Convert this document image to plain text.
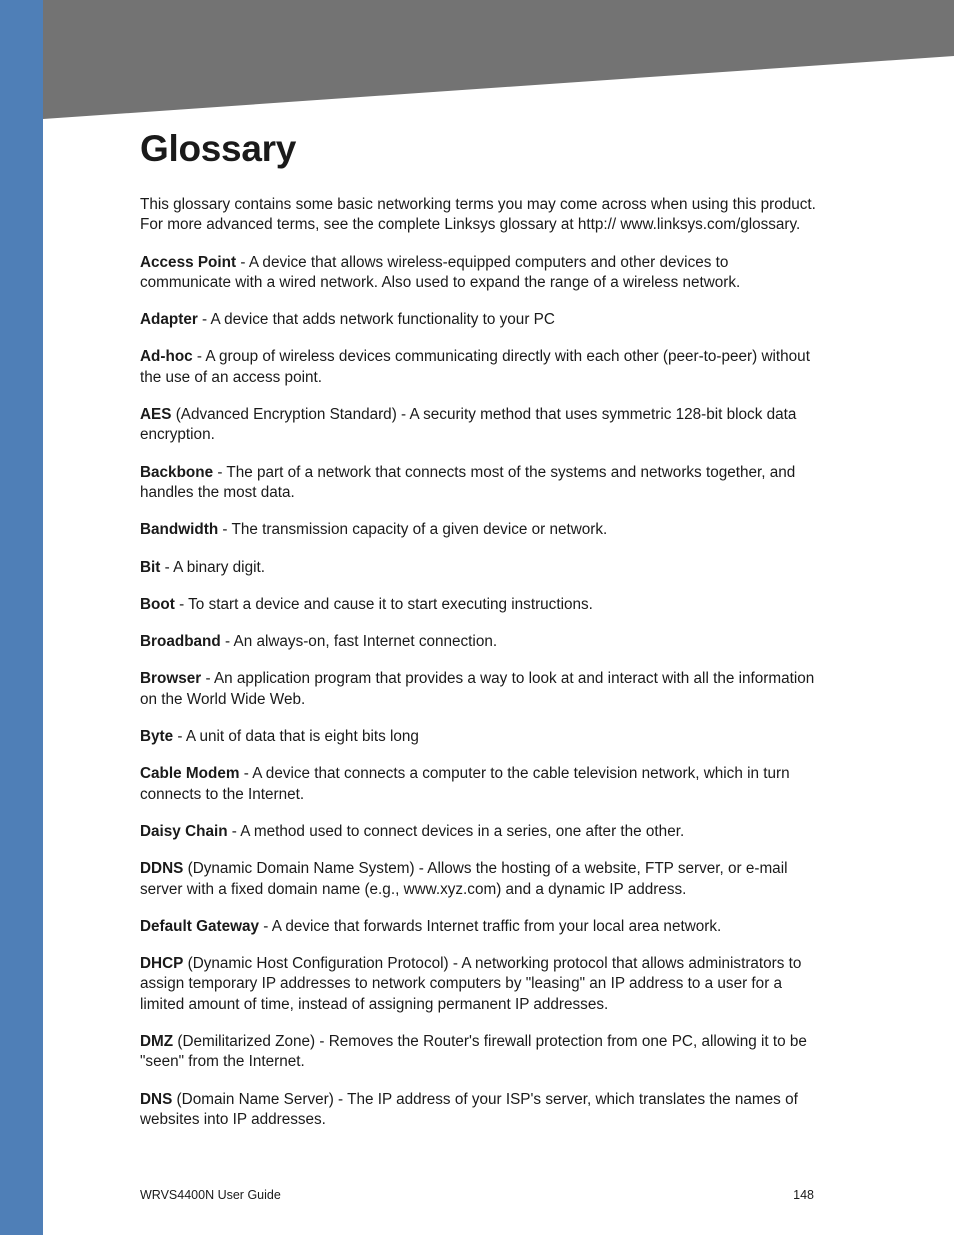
Glossary

This glossary contains some basic networking terms you may come across when using this product. For more advanced terms, see the complete Linksys glossary at http:// www.linksys.com/glossary.

Access Point - A device that allows wireless-equipped computers and other devices to communicate with a wired network. Also used to expand the range of a wireless network.

Adapter - A device that adds network functionality to your PC

Ad-hoc - A group of wireless devices communicating directly with each other (peer-to-peer) without the use of an access point.

AES (Advanced Encryption Standard) - A security method that uses symmetric 128-bit block data encryption.

Backbone - The part of a network that connects most of the systems and networks together, and handles the most data.

Bandwidth - The transmission capacity of a given device or network.

Bit - A binary digit.

Boot - To start a device and cause it to start executing instructions.

Broadband - An always-on, fast Internet connection.

Browser - An application program that provides a way to look at and interact with all the information on the World Wide Web.

Byte - A unit of data that is eight bits long

Cable Modem - A device that connects a computer to the cable television network, which in turn connects to the Internet.

Daisy Chain - A method used to connect devices in a series, one after the other.

DDNS (Dynamic Domain Name System) - Allows the hosting of a website, FTP server, or e-mail server with a fixed domain name (e.g., www.xyz.com) and a dynamic IP address.

Default Gateway - A device that forwards Internet traffic from your local area network.

DHCP (Dynamic Host Configuration Protocol) - A networking protocol that allows administrators to assign temporary IP addresses to network computers by "leasing" an IP address to a user for a limited amount of time, instead of assigning permanent IP addresses.

DMZ (Demilitarized Zone) - Removes the Router's firewall protection from one PC, allowing it to be "seen" from the Internet.

DNS (Domain Name Server) - The IP address of your ISP's server, which translates the names of websites into IP addresses.

WRVS4400N User Guide	148
